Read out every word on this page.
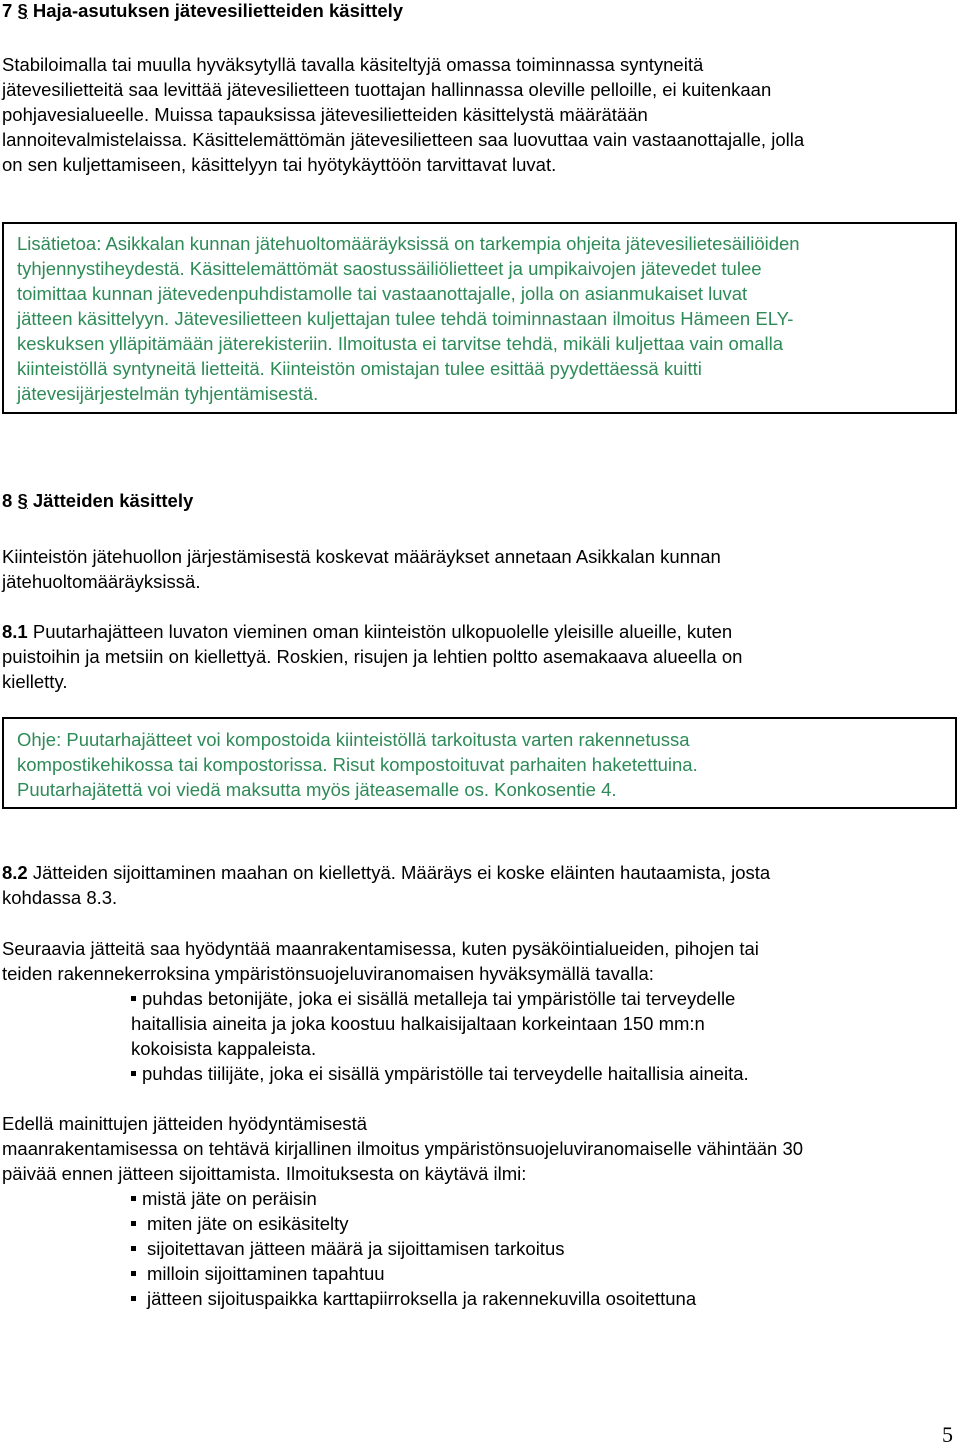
7 § Haja-asutuksen jätevesilietteiden käsittely
Stabiloimalla tai muulla hyväksytyllä tavalla käsiteltyjä omassa toiminnassa syntyneitä
jätevesilietteitä saa levittää jätevesilietteen tuottajan hallinnassa oleville pelloille, ei kuitenkaan
pohjavesialueelle. Muissa tapauksissa jätevesilietteiden käsittelystä määrätään
lannoitevalmistelaissa. Käsittelemättömän jätevesilietteen saa luovuttaa vain vastaanottajalle, jolla
on sen kuljettamiseen, käsittelyyn tai hyötykäyttöön tarvittavat luvat.
Lisätietoa: Asikkalan kunnan jätehuoltomääräyksissä on tarkempia ohjeita jätevesilietesäiliöiden
tyhjennystiheydestä. Käsittelemättömät saostussäiliölietteet ja umpikaivojen jätevedet tulee
toimittaa kunnan jätevedenpuhdistamolle tai vastaanottajalle, jolla on asianmukaiset luvat
jätteen käsittelyyn. Jätevesilietteen kuljettajan tulee tehdä toiminnastaan ilmoitus Hämeen ELY-
keskuksen ylläpitämään jäterekisteriin. Ilmoitusta ei tarvitse tehdä, mikäli kuljettaa vain omalla
kiinteistöllä syntyneitä lietteitä. Kiinteistön omistajan tulee esittää pyydettäessä kuitti
jätevesijärjestelmän tyhjentämisestä.
8 § Jätteiden käsittely
Kiinteistön jätehuollon järjestämisestä koskevat määräykset annetaan Asikkalan kunnan
jätehuoltomääräyksissä.
8.1 Puutarhajätteen luvaton vieminen oman kiinteistön ulkopuolelle yleisille alueille, kuten
puistoihin ja metsiin on kiellettyä. Roskien, risujen ja lehtien poltto asemakaava alueella on
kielletty.
Ohje: Puutarhajätteet voi kompostoida kiinteistöllä tarkoitusta varten rakennetussa
kompostikehikossa tai kompostorissa. Risut kompostoituvat parhaiten haketettuina.
Puutarhajätettä voi viedä maksutta myös jäteasemalle os. Konkosentie 4.
8.2 Jätteiden sijoittaminen maahan on kiellettyä. Määräys ei koske eläinten hautaamista, josta
kohdassa 8.3.
Seuraavia jätteitä saa hyödyntää maanrakentamisessa, kuten pysäköintialueiden, pihojen tai
teiden rakennekerroksina ympäristönsuojeluviranomaisen hyväksymällä tavalla:
puhdas betonijäte, joka ei sisällä metalleja tai ympäristölle tai terveydelle
haitallisia aineita ja joka koostuu halkaisijaltaan korkeintaan 150 mm:n
kokoisista kappaleista.
puhdas tiilijäte, joka ei sisällä ympäristölle tai terveydelle haitallisia aineita.
Edellä mainittujen jätteiden hyödyntämisestä
maanrakentamisessa on tehtävä kirjallinen ilmoitus ympäristönsuojeluviranomaiselle vähintään 30
päivää ennen jätteen sijoittamista. Ilmoituksesta on käytävä ilmi:
mistä jäte on peräisin
miten jäte on esikäsitelty
sijoitettavan jätteen määrä ja sijoittamisen tarkoitus
milloin sijoittaminen tapahtuu
jätteen sijoituspaikka karttapiirroksella ja rakennekuvilla osoitettuna
5
